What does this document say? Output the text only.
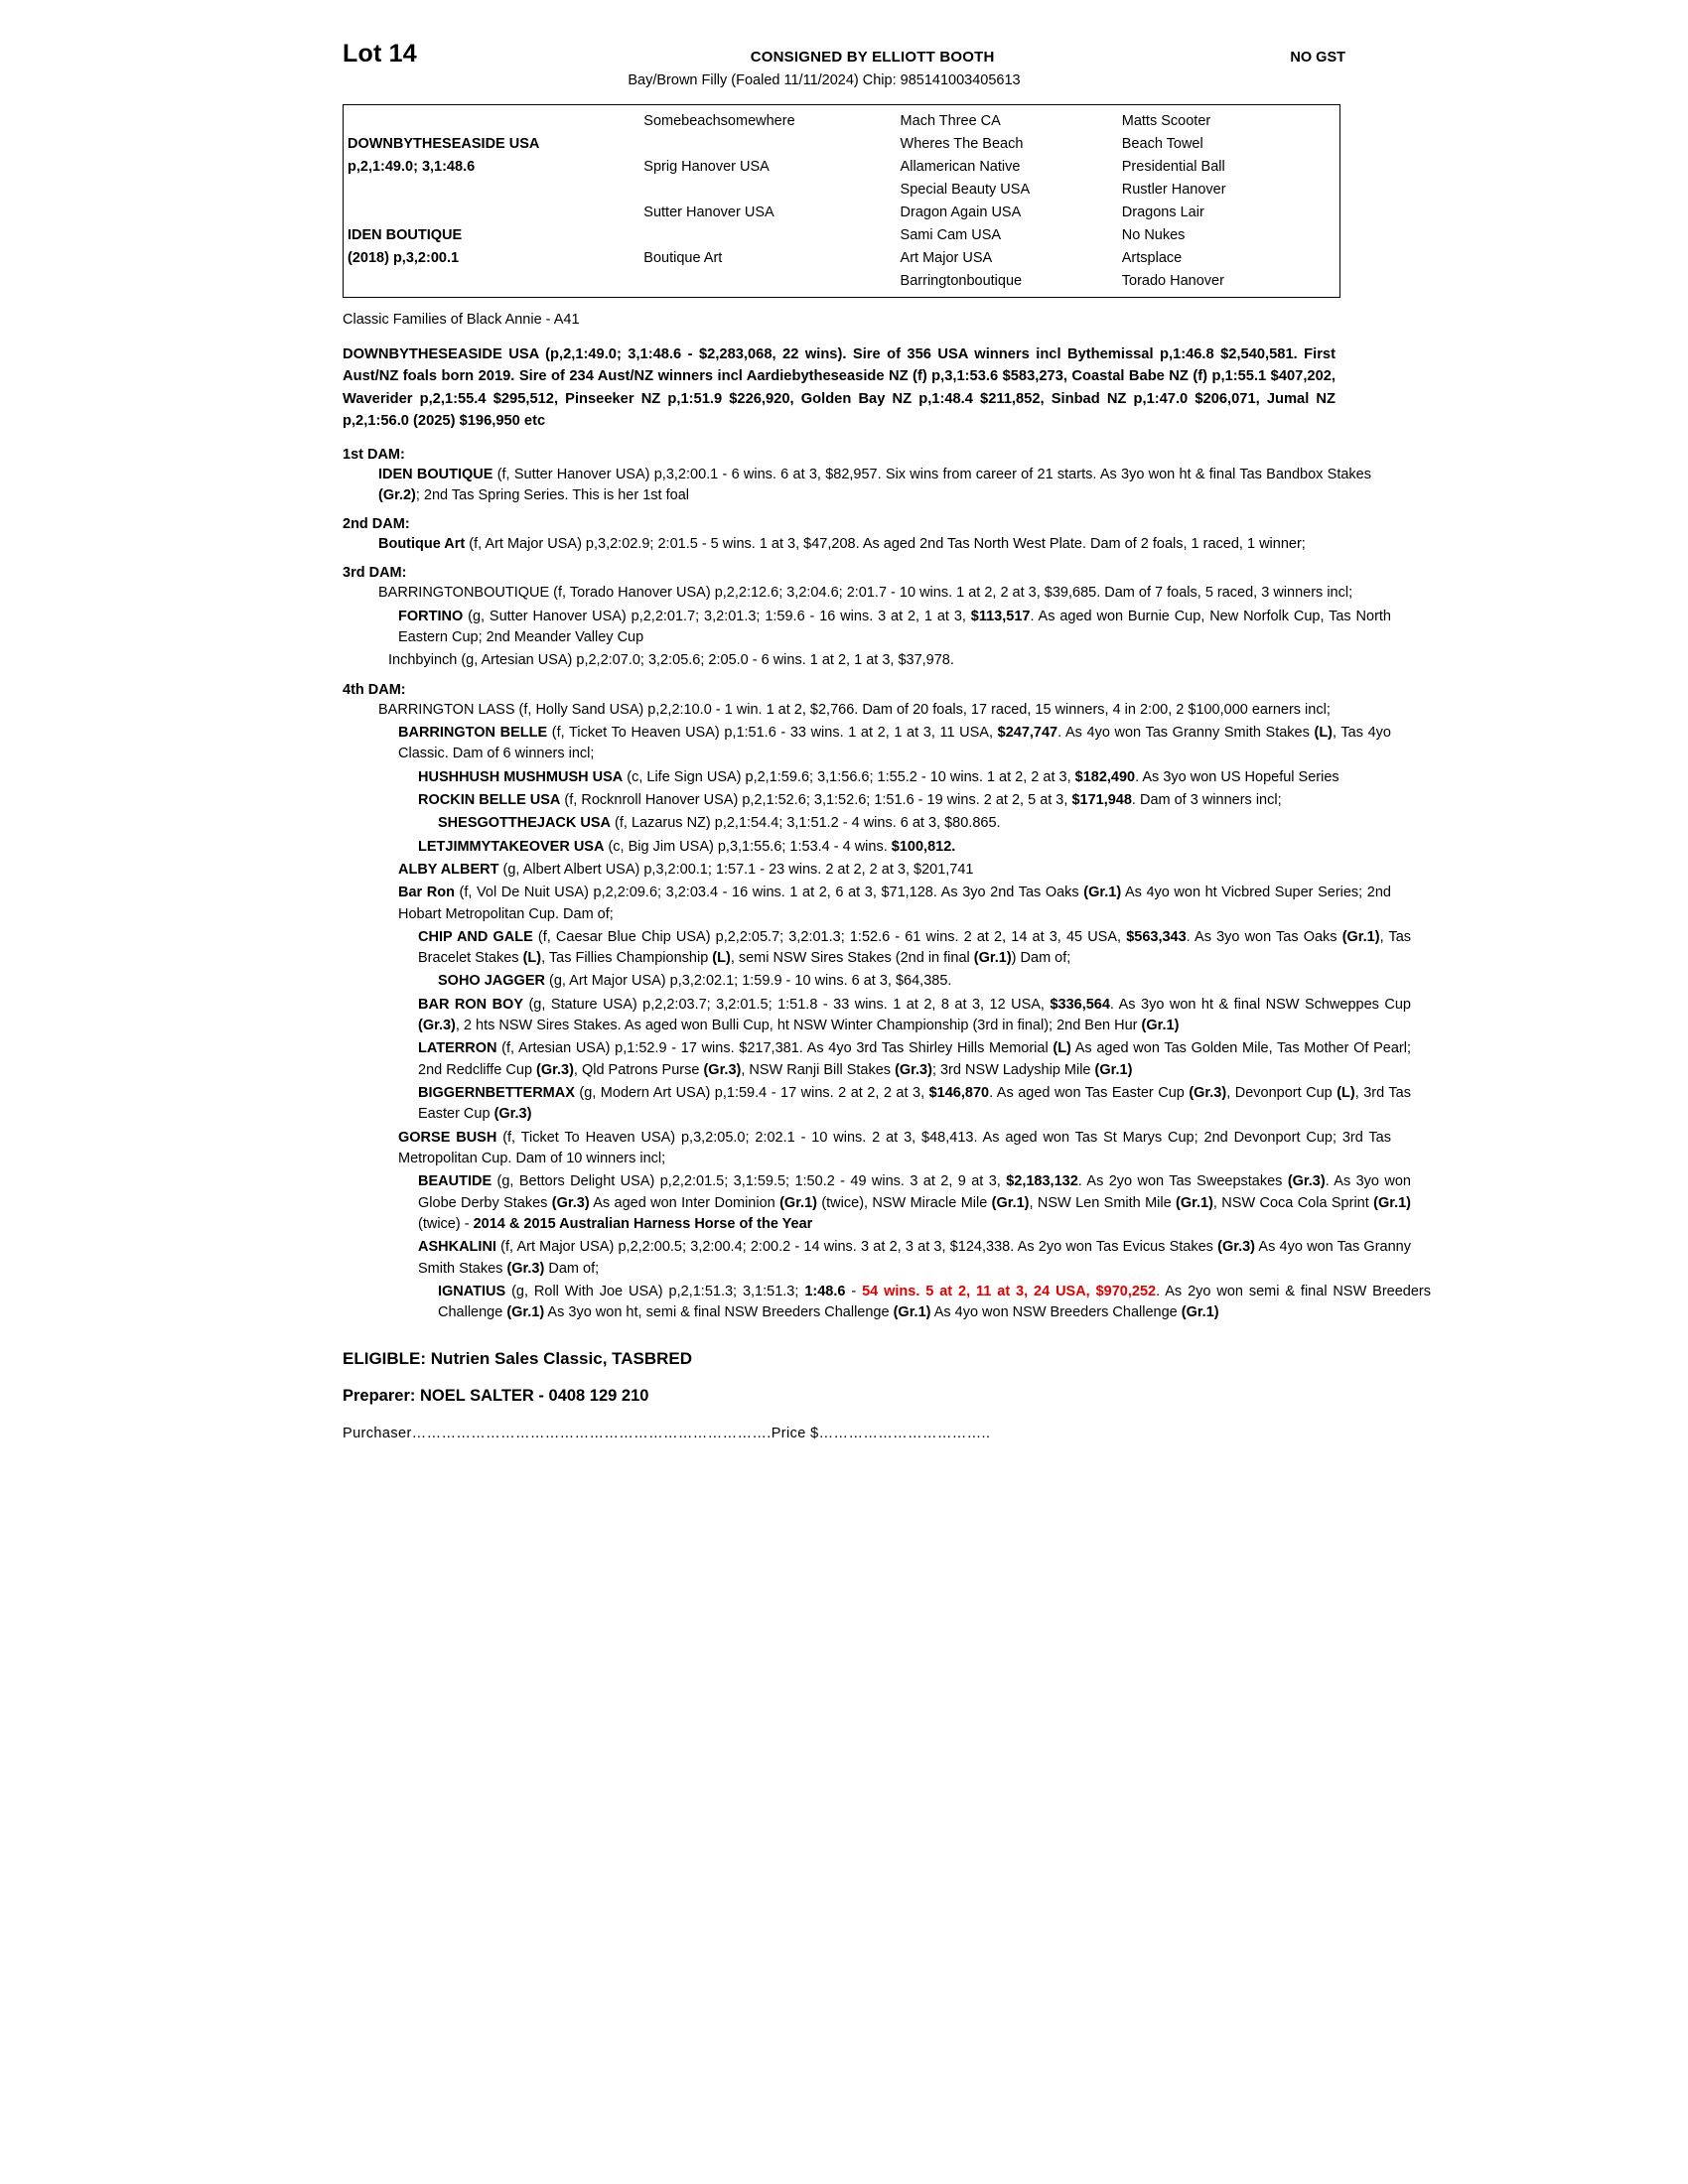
Lot 14	CONSIGNED BY ELLIOTT BOOTH	NO GST
Bay/Brown Filly (Foaled 11/11/2024) Chip: 985141003405613
	Somebeachsomewhere	Mach Three CA	Matts Scooter
DOWNBYTHESEASIDE USA		Wheres The Beach	Beach Towel
p,2,1:49.0; 3,1:48.6	Sprig Hanover USA	Allamerican Native	Presidential Ball
		Special Beauty USA	Rustler Hanover
	Sutter Hanover USA	Dragon Again USA	Dragons Lair
IDEN BOUTIQUE		Sami Cam USA	No Nukes
(2018) p,3,2:00.1	Boutique Art	Art Major USA	Artsplace
		Barringtonboutique	Torado Hanover
Classic Families of Black Annie - A41
DOWNBYTHESEASIDE USA (p,2,1:49.0; 3,1:48.6 - $2,283,068, 22 wins). Sire of 356 USA winners incl Bythemissal p,1:46.8 $2,540,581. First Aust/NZ foals born 2019. Sire of 234 Aust/NZ winners incl Aardiebytheseaside NZ (f) p,3,1:53.6 $583,273, Coastal Babe NZ (f) p,1:55.1 $407,202, Waverider p,2,1:55.4 $295,512, Pinseeker NZ p,1:51.9 $226,920, Golden Bay NZ p,1:48.4 $211,852, Sinbad NZ p,1:47.0 $206,071, Jumal NZ p,2,1:56.0 (2025) $196,950 etc
1st DAM:

IDEN BOUTIQUE (f, Sutter Hanover USA) p,3,2:00.1 - 6 wins. 6 at 3, $82,957. Six wins from career of 21 starts. As 3yo won ht & final Tas Bandbox Stakes (Gr.2); 2nd Tas Spring Series. This is her 1st foal

2nd DAM:

Boutique Art (f, Art Major USA) p,3,2:02.9; 2:01.5 - 5 wins. 1 at 3, $47,208. As aged 2nd Tas North West Plate. Dam of 2 foals, 1 raced, 1 winner;

3rd DAM:

BARRINGTONBOUTIQUE (f, Torado Hanover USA) p,2,2:12.6; 3,2:04.6; 2:01.7 - 10 wins. 1 at 2, 2 at 3, $39,685. Dam of 7 foals, 5 raced, 3 winners incl;

FORTINO (g, Sutter Hanover USA) p,2,2:01.7; 3,2:01.3; 1:59.6 - 16 wins. 3 at 2, 1 at 3, $113,517. As aged won Burnie Cup, New Norfolk Cup, Tas North Eastern Cup; 2nd Meander Valley Cup

Inchbyinch (g, Artesian USA) p,2,2:07.0; 3,2:05.6; 2:05.0 - 6 wins. 1 at 2, 1 at 3, $37,978.

4th DAM:

BARRINGTON LASS (f, Holly Sand USA) p,2,2:10.0 - 1 win. 1 at 2, $2,766. Dam of 20 foals, 17 raced, 15 winners, 4 in 2:00, 2 $100,000 earners incl;

BARRINGTON BELLE (f, Ticket To Heaven USA) p,1:51.6 - 33 wins. 1 at 2, 1 at 3, 11 USA, $247,747. As 4yo won Tas Granny Smith Stakes (L), Tas 4yo Classic. Dam of 6 winners incl;

HUSHHUSH MUSHMUSH USA (c, Life Sign USA) p,2,1:59.6; 3,1:56.6; 1:55.2 - 10 wins. 1 at 2, 2 at 3, $182,490. As 3yo won US Hopeful Series

ROCKIN BELLE USA (f, Rocknroll Hanover USA) p,2,1:52.6; 3,1:52.6; 1:51.6 - 19 wins. 2 at 2, 5 at 3, $171,948. Dam of 3 winners incl;

SHESGOTTHEJACK USA (f, Lazarus NZ) p,2,1:54.4; 3,1:51.2 - 4 wins. 6 at 3, $80.865.

LETJIMMYTAKEOVER USA (c, Big Jim USA) p,3,1:55.6; 1:53.4 - 4 wins. $100,812.

ALBY ALBERT (g, Albert Albert USA) p,3,2:00.1; 1:57.1 - 23 wins. 2 at 2, 2 at 3, $201,741

Bar Ron (f, Vol De Nuit USA) p,2,2:09.6; 3,2:03.4 - 16 wins. 1 at 2, 6 at 3, $71,128. As 3yo 2nd Tas Oaks (Gr.1) As 4yo won ht Vicbred Super Series; 2nd Hobart Metropolitan Cup. Dam of;

CHIP AND GALE (f, Caesar Blue Chip USA) p,2,2:05.7; 3,2:01.3; 1:52.6 - 61 wins. 2 at 2, 14 at 3, 45 USA, $563,343. As 3yo won Tas Oaks (Gr.1), Tas Bracelet Stakes (L), Tas Fillies Championship (L), semi NSW Sires Stakes (2nd in final (Gr.1)) Dam of;

SOHO JAGGER (g, Art Major USA) p,3,2:02.1; 1:59.9 - 10 wins. 6 at 3, $64,385.

BAR RON BOY (g, Stature USA) p,2,2:03.7; 3,2:01.5; 1:51.8 - 33 wins. 1 at 2, 8 at 3, 12 USA, $336,564. As 3yo won ht & final NSW Schweppes Cup (Gr.3), 2 hts NSW Sires Stakes. As aged won Bulli Cup, ht NSW Winter Championship (3rd in final); 2nd Ben Hur (Gr.1)

LATERRON (f, Artesian USA) p,1:52.9 - 17 wins. $217,381. As 4yo 3rd Tas Shirley Hills Memorial (L) As aged won Tas Golden Mile, Tas Mother Of Pearl; 2nd Redcliffe Cup (Gr.3), Qld Patrons Purse (Gr.3), NSW Ranji Bill Stakes (Gr.3); 3rd NSW Ladyship Mile (Gr.1)

BIGGERNBETTERMAX (g, Modern Art USA) p,1:59.4 - 17 wins. 2 at 2, 2 at 3, $146,870. As aged won Tas Easter Cup (Gr.3), Devonport Cup (L), 3rd Tas Easter Cup (Gr.3)

GORSE BUSH (f, Ticket To Heaven USA) p,3,2:05.0; 2:02.1 - 10 wins. 2 at 3, $48,413. As aged won Tas St Marys Cup; 2nd Devonport Cup; 3rd Tas Metropolitan Cup. Dam of 10 winners incl;

BEAUTIDE (g, Bettors Delight USA) p,2,2:01.5; 3,1:59.5; 1:50.2 - 49 wins. 3 at 2, 9 at 3, $2,183,132. As 2yo won Tas Sweepstakes (Gr.3). As 3yo won Globe Derby Stakes (Gr.3) As aged won Inter Dominion (Gr.1) (twice), NSW Miracle Mile (Gr.1), NSW Len Smith Mile (Gr.1), NSW Coca Cola Sprint (Gr.1) (twice) - 2014 & 2015 Australian Harness Horse of the Year

ASHKALINI (f, Art Major USA) p,2,2:00.5; 3,2:00.4; 2:00.2 - 14 wins. 3 at 2, 3 at 3, $124,338. As 2yo won Tas Evicus Stakes (Gr.3) As 4yo won Tas Granny Smith Stakes (Gr.3) Dam of;

IGNATIUS (g, Roll With Joe USA) p,2,1:51.3; 3,1:51.3; 1:48.6 - 54 wins. 5 at 2, 11 at 3, 24 USA, $970,252. As 2yo won semi & final NSW Breeders Challenge (Gr.1) As 3yo won ht, semi & final NSW Breeders Challenge (Gr.1) As 4yo won NSW Breeders Challenge (Gr.1)

ELIGIBLE: Nutrien Sales Classic, TASBRED
Preparer: NOEL SALTER - 0408 129 210
Purchaser……………………………………………………………….Price $……………………………..
